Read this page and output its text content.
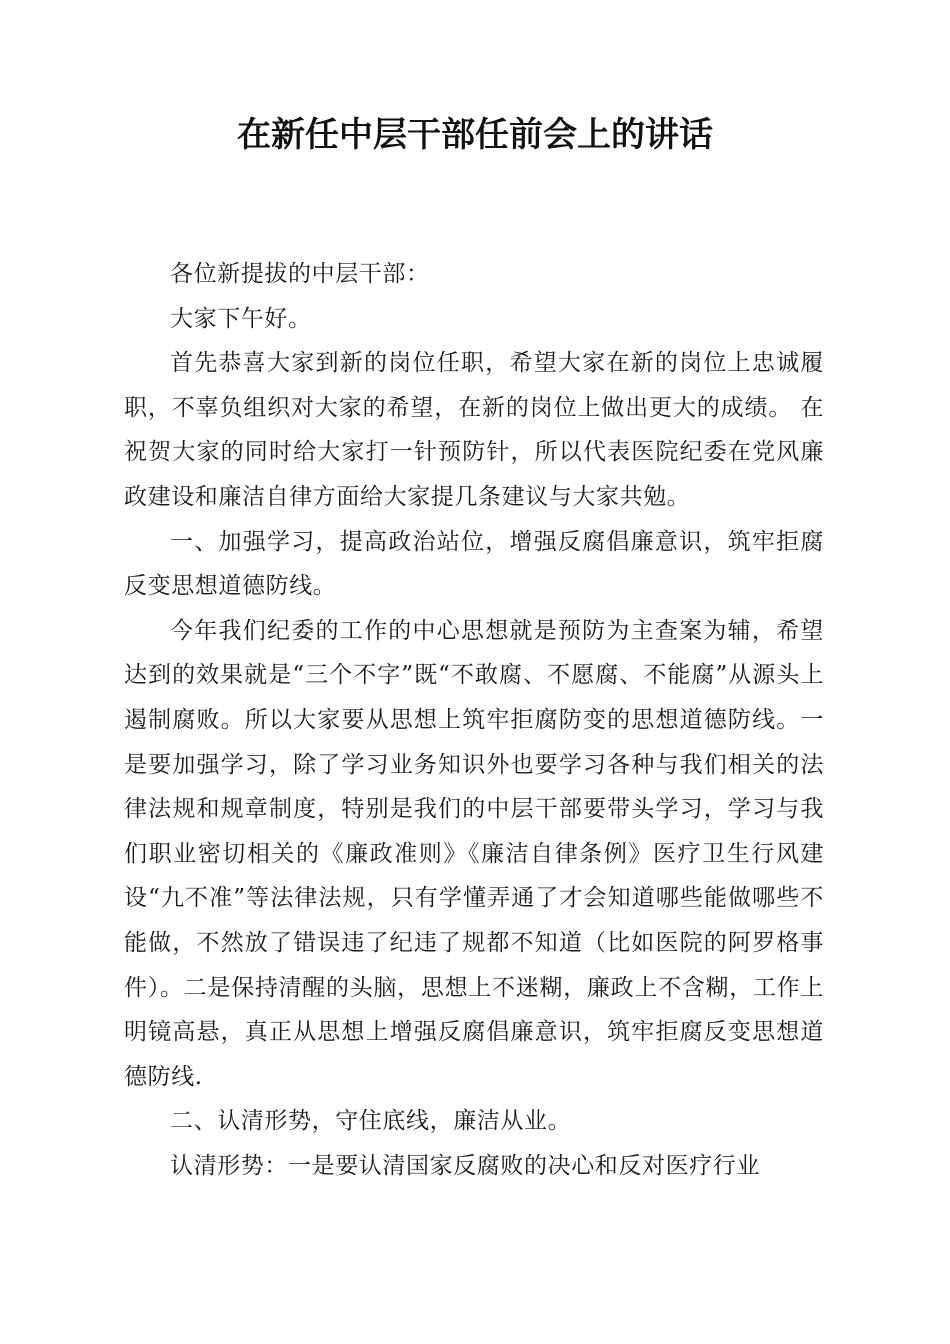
在新任中层干部任前会上的讲话

各位新提拔的中层干部：

大家下午好。

首先恭喜大家到新的岗位任职，希望大家在新的岗位上忠诚履职，不辜负组织对大家的希望，在新的岗位上做出更大的成绩。 在祝贺大家的同时给大家打一针预防针，所以代表医院纪委在党风廉政建设和廉洁自律方面给大家提几条建议与大家共勉。

一、加强学习，提高政治站位，增强反腐倡廉意识，筑牢拒腐反变思想道德防线。

今年我们纪委的工作的中心思想就是预防为主查案为辅，希望达到的效果就是“三个不字”既“不敢腐、不愿腐、不能腐”从源头上遏制腐败。所以大家要从思想上筑牢拒腐防变的思想道德防线。一是要加强学习，除了学习业务知识外也要学习各种与我们相关的法律法规和规章制度，特别是我们的中层干部要带头学习，学习与我们职业密切相关的《廉政准则》《廉洁自律条例》医疗卫生行风建设“九不准”等法律法规，只有学懂弄通了才会知道哪些能做哪些不能做，不然放了错误违了纪违了规都不知道（比如医院的阿罗格事件）。二是保持清醒的头脑，思想上不迷糊，廉政上不含糊，工作上明镜高悬，真正从思想上增强反腐倡廉意识，筑牢拒腐反变思想道德防线.

二、认清形势，守住底线，廉洁从业。

认清形势：一是要认清国家反腐败的决心和反对医疗行业
